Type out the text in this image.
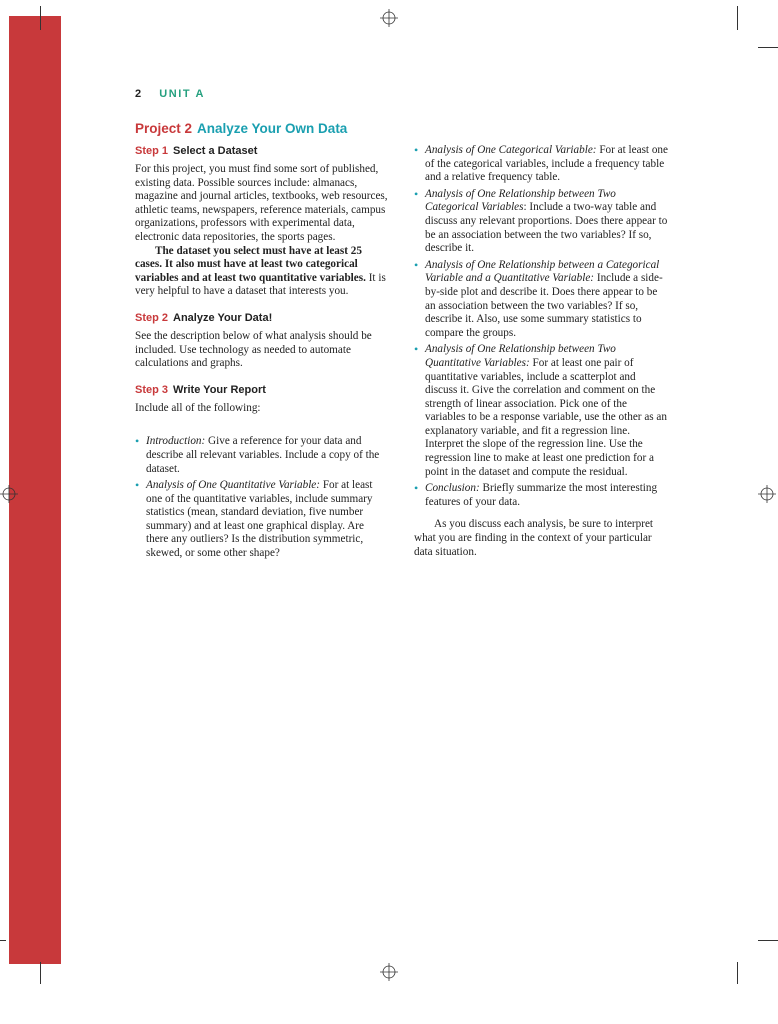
2 UNIT A
Project 2 Analyze Your Own Data
Step 1 Select a Dataset

For this project, you must find some sort of published, existing data. Possible sources include: almanacs, magazine and journal articles, textbooks, web resources, athletic teams, newspapers, reference materials, campus organizations, professors with experimental data, electronic data repositories, the sports pages.

The dataset you select must have at least 25 cases. It also must have at least two categorical variables and at least two quantitative variables. It is very helpful to have a dataset that interests you.

Step 2 Analyze Your Data!

See the description below of what analysis should be included. Use technology as needed to automate calculations and graphs.

Step 3 Write Your Report

Include all of the following:

• Introduction: Give a reference for your data and describe all relevant variables. Include a copy of the dataset.
• Analysis of One Quantitative Variable: For at least one of the quantitative variables, include summary statistics (mean, standard deviation, five number summary) and at least one graphical display. Are there any outliers? Is the distribution symmetric, skewed, or some other shape?
• Analysis of One Categorical Variable: For at least one of the categorical variables, include a frequency table and a relative frequency table.
• Analysis of One Relationship between Two Categorical Variables: Include a two-way table and discuss any relevant proportions. Does there appear to be an association between the two variables? If so, describe it.
• Analysis of One Relationship between a Categorical Variable and a Quantitative Variable: Include a side-by-side plot and describe it. Does there appear to be an association between the two variables? If so, describe it. Also, use some summary statistics to compare the groups.
• Analysis of One Relationship between Two Quantitative Variables: For at least one pair of quantitative variables, include a scatterplot and discuss it. Give the correlation and comment on the strength of linear association. Pick one of the variables to be a response variable, use the other as an explanatory variable, and fit a regression line. Interpret the slope of the regression line. Use the regression line to make at least one prediction for a point in the dataset and compute the residual.
• Conclusion: Briefly summarize the most interesting features of your data.

As you discuss each analysis, be sure to interpret what you are finding in the context of your particular data situation.
